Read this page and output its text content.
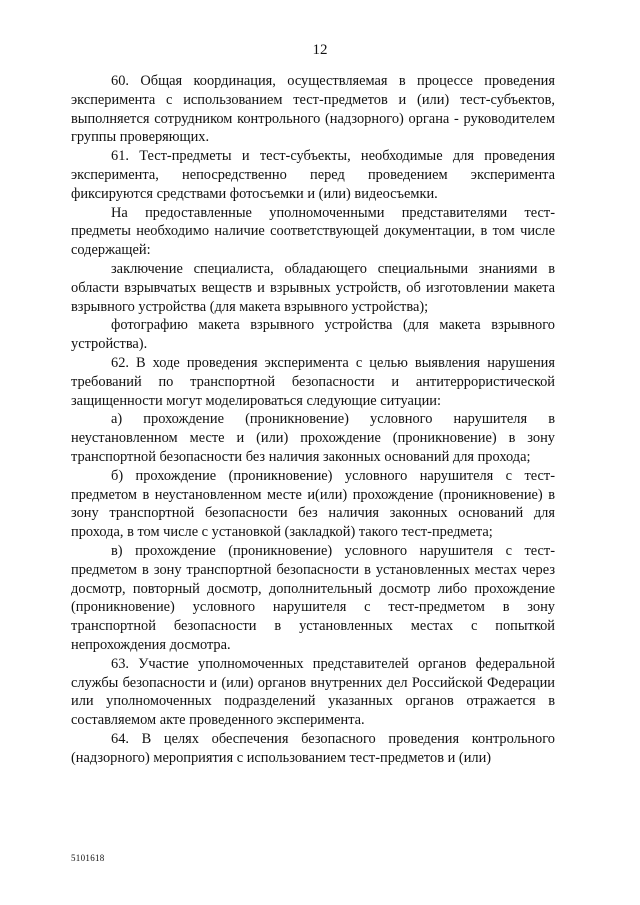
12

60. Общая координация, осуществляемая в процессе проведения эксперимента с использованием тест-предметов и (или) тест-субъектов, выполняется сотрудником контрольного (надзорного) органа - руководителем группы проверяющих.

61. Тест-предметы и тест-субъекты, необходимые для проведения эксперимента, непосредственно перед проведением эксперимента фиксируются средствами фотосъемки и (или) видеосъемки.

На предоставленные уполномоченными представителями тест-предметы необходимо наличие соответствующей документации, в том числе содержащей:

заключение специалиста, обладающего специальными знаниями в области взрывчатых веществ и взрывных устройств, об изготовлении макета взрывного устройства (для макета взрывного устройства);

фотографию макета взрывного устройства (для макета взрывного устройства).

62. В ходе проведения эксперимента с целью выявления нарушения требований по транспортной безопасности и антитеррористической защищенности могут моделироваться следующие ситуации:

а) прохождение (проникновение) условного нарушителя в неустановленном месте и (или) прохождение (проникновение) в зону транспортной безопасности без наличия законных оснований для прохода;

б) прохождение (проникновение) условного нарушителя с тест-предметом в неустановленном месте и(или) прохождение (проникновение) в зону транспортной безопасности без наличия законных оснований для прохода, в том числе с установкой (закладкой) такого тест-предмета;

в) прохождение (проникновение) условного нарушителя с тест-предметом в зону транспортной безопасности в установленных местах через досмотр, повторный досмотр, дополнительный досмотр либо прохождение (проникновение) условного нарушителя с тест-предметом в зону транспортной безопасности в установленных местах с попыткой непрохождения досмотра.

63. Участие уполномоченных представителей органов федеральной службы безопасности и (или) органов внутренних дел Российской Федерации или уполномоченных подразделений указанных органов отражается в составляемом акте проведенного эксперимента.

64. В целях обеспечения безопасного проведения контрольного (надзорного) мероприятия с использованием тест-предметов и (или)

5101618
